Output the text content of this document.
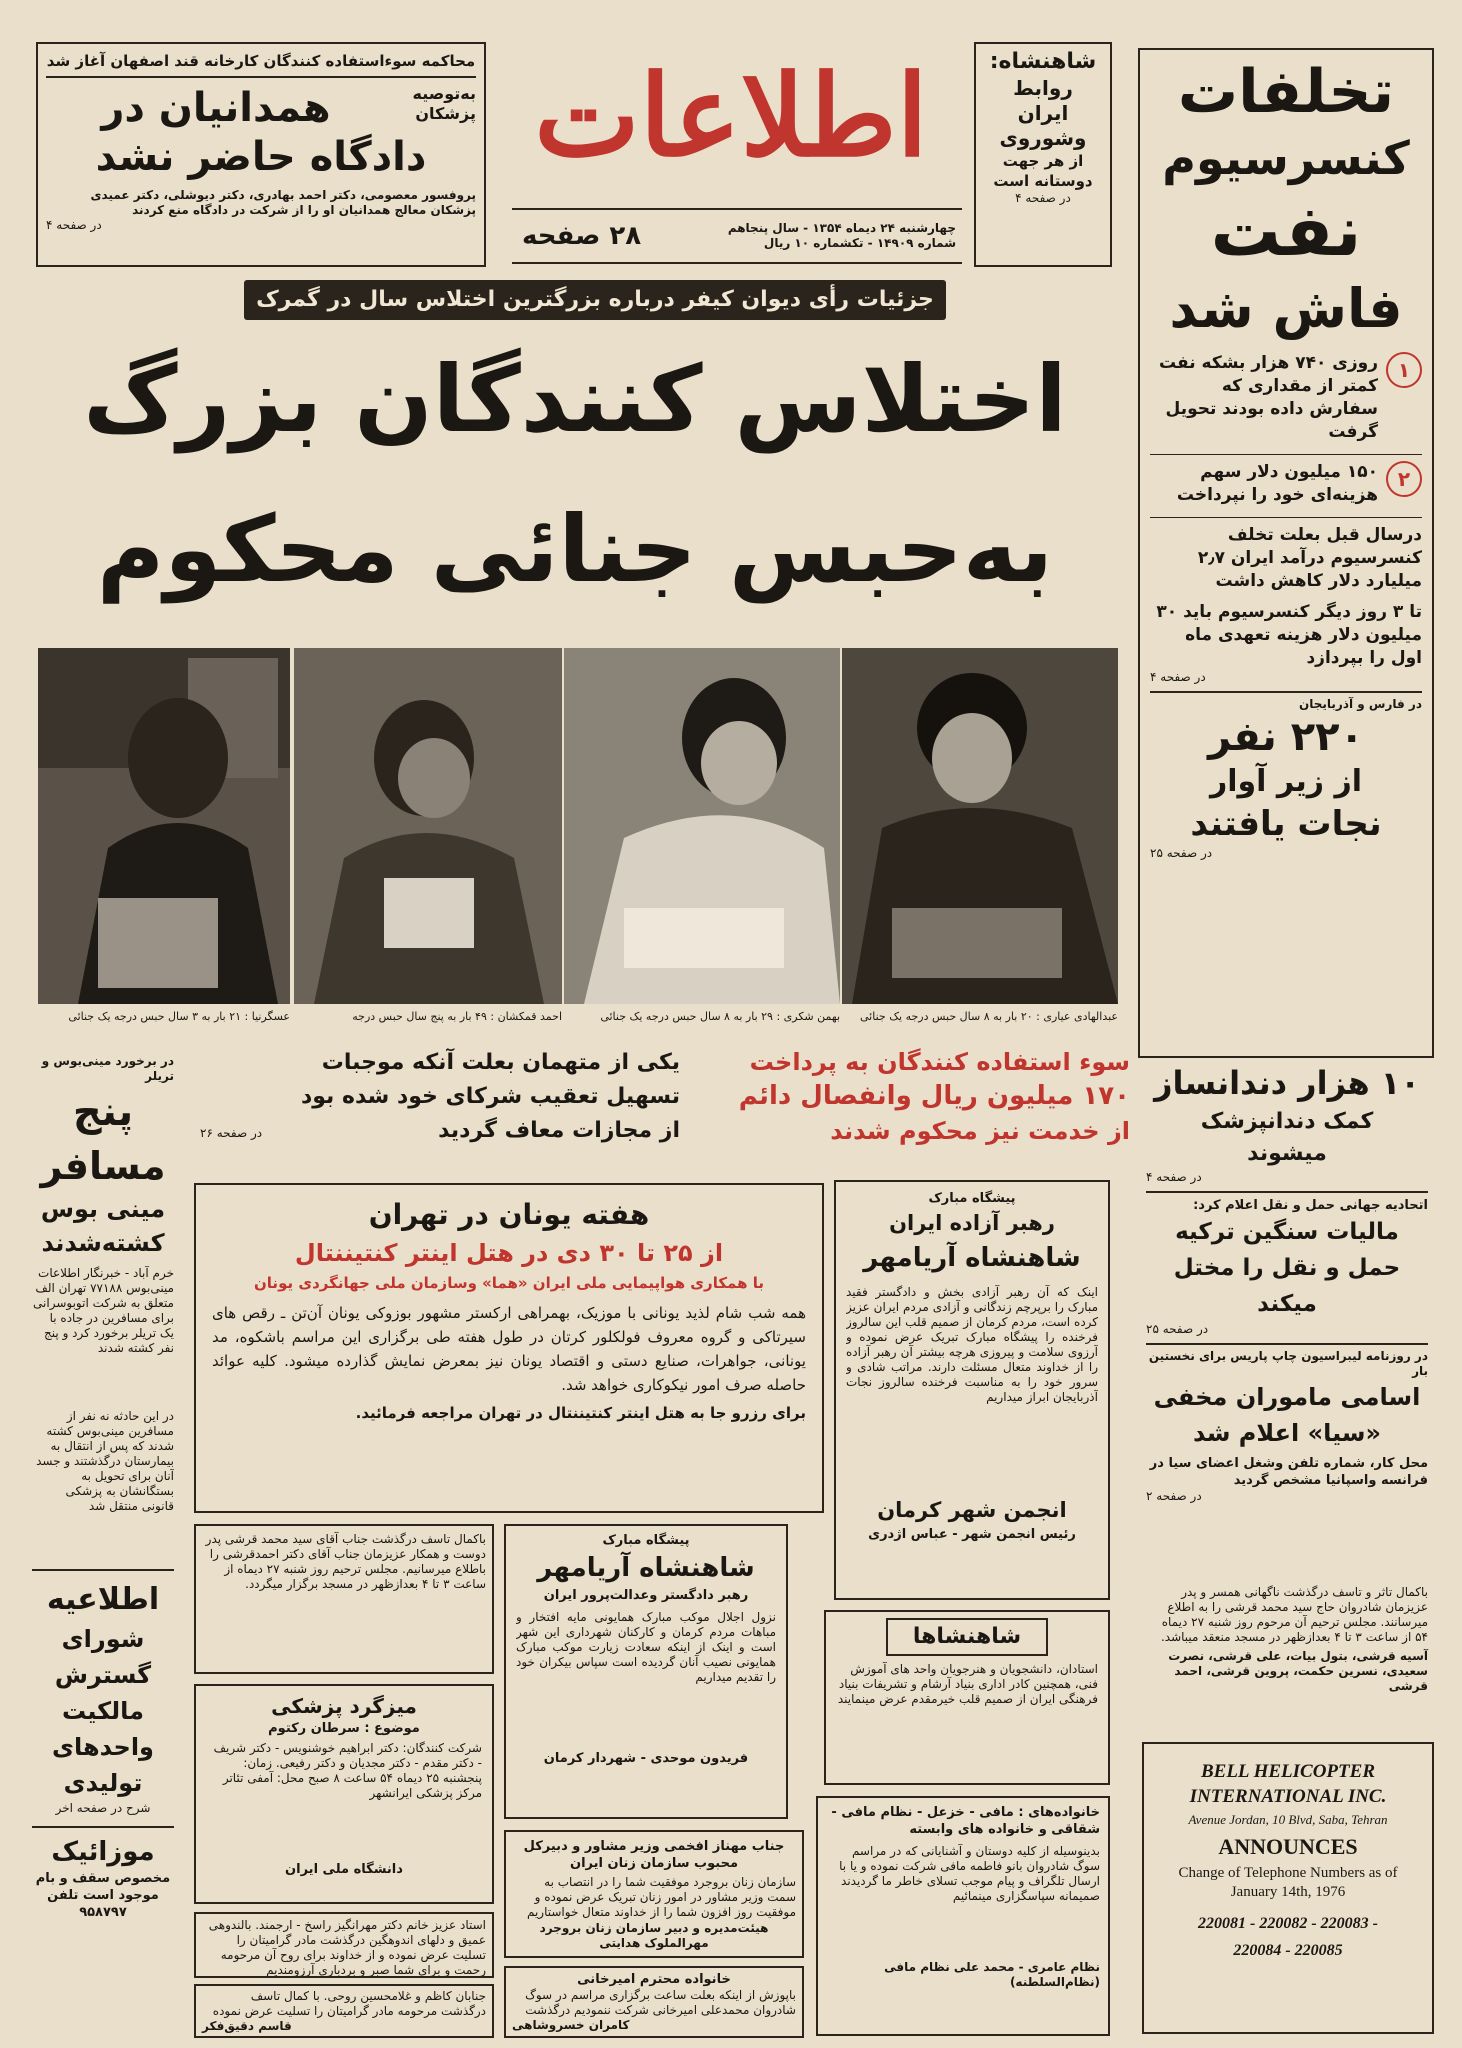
محاکمه سوءاستفاده کنندگان کارخانه قند اصفهان آغاز شد
به‌توصیه پزشکان
همدانیان در
دادگاه حاضر نشد
پروفسور معصومی، دکتر احمد بهادری، دکتر دیوشلی، دکتر عمیدی پزشکان معالج همدانیان او را از شرکت در دادگاه منع کردند
در صفحه ۴
اطلاعات
چهارشنبه ۲۴ دیماه ۱۳۵۴ - سال پنجاهم
شماره ۱۴۹۰۹ - تکشماره ۱۰ ریال
۲۸ صفحه
شاهنشاه:
روابط
ایران
وشوروی
از هر جهت
دوستانه است
در صفحه ۴
تخلفات
کنسرسیوم
نفت
فاش شد
۱
روزی ۷۴۰ هزار بشکه نفت کمتر از مقداری که سفارش داده بودند تحویل گرفت
۲
۱۵۰ میلیون دلار سهم هزینه‌ای خود را نپرداخت
درسال قبل بعلت تخلف کنسرسیوم درآمد ایران ۲٫۷ میلیارد دلار کاهش داشت
تا ۳ روز دیگر کنسرسیوم باید ۳۰ میلیون دلار هزینه تعهدی ماه اول را بپردازد
در صفحه ۴
در فارس و آذربایجان
۲۲۰ نفر
از زیر آوار
نجات یافتند
در صفحه ۲۵
جزئیات رأی دیوان کیفر درباره بزرگترین اختلاس سال در گمرک
اختلاس کنندگان بزرگ
به‌حبس جنائی محکوم
عبدالهادی عیاری : ۲۰ بار به ۸ سال حبس درجه یک جنائی
بهمن شکری : ۲۹ بار به ۸ سال حبس درجه یک جنائی
احمد قمکشان : ۴۹ بار به پنج سال حبس درجه
عسگرنیا : ۲۱ بار به ۳ سال حبس درجه یک جنائی
سوء استفاده کنندگان به پرداخت
۱۷۰ میلیون ریال وانفصال دائم
از خدمت نیز محکوم شدند
یکی از متهمان بعلت آنکه موجبات
تسهیل تعقیب شرکای خود شده بود
از مجازات معاف گردید
در صفحه ۲۶
در برخورد مینی‌بوس و تریلر
پنج
مسافر
مینی بوس
کشته‌شدند
خرم آباد - خبرنگار اطلاعات مینی‌بوس ۷۷۱۸۸ تهران الف متعلق به شرکت اتوبوسرانی برای مسافرین در جاده با یک تریلر برخورد کرد و پنج نفر کشته شدند
در این حادثه نه نفر از مسافرین مینی‌بوس کشته شدند که پس از انتقال به بیمارستان درگذشتند و جسد آنان برای تحویل به بستگانشان به پزشکی قانونی منتقل شد
اطلاعیه
شورای
گسترش
مالکیت
واحدهای
تولیدی
شرح در صفحه اخر
موزائیک
مخصوص سقف و بام
موجود است تلفن ۹۵۸۷۹۷
۱۰ هزار دندانساز
کمک دندانپزشک
میشوند
در صفحه ۴
اتحادیه جهانی حمل و نقل اعلام کرد:
مالیات سنگین ترکیه
حمل و نقل را مختل میکند
در صفحه ۲۵
در روزنامه لیبراسیون چاپ پاریس برای نخستین بار
اسامی ماموران مخفی
«سیا» اعلام شد
محل کار، شماره تلفن وشغل اعضای سیا در فرانسه واسپانیا مشخص گردید
در صفحه ۲
هفته یونان در تهران
از ۲۵ تا ۳۰ دی در هتل اینتر کنتیننتال
با همکاری هواپیمایی ملی ایران «هما» وسازمان ملی جهانگردی یونان
همه شب شام لذید یونانی با موزیک، بهمراهی ارکستر مشهور بوزوکی یونان آن‌تن ـ رقص های سیرتاکی و گروه معروف فولکلور کرتان در طول هفته طی برگزاری این مراسم باشکوه، مد یونانی، جواهرات، صنایع دستی و اقتصاد یونان نیز بمعرض نمایش گذارده میشود. کلیه عوائد حاصله صرف امور نیکوکاری خواهد شد.
برای رزرو جا به هتل اینتر کنتیننتال در تهران مراجعه فرمائید.
پیشگاه مبارک
رهبر آزاده ایران
شاهنشاه آریامهر
اینک که آن رهبر آزادی بخش و دادگستر فقید مبارک را برپرچم زندگانی و آزادی مردم ایران عزیز کرده است، مردم کرمان از صمیم قلب این سالروز فرخنده را پیشگاه مبارک تبریک عرض نموده و آرزوی سلامت و پیروزی هرچه بیشتر آن رهبر آزاده را از خداوند متعال مسئلت دارند. مراتب شادی و سرور خود را به مناسبت فرخنده سالروز نجات آذربایجان ابراز میداریم
انجمن شهر کرمان
رئیس انجمن شهر - عباس اژدری
باکمال تاسف درگذشت جناب آقای سید محمد قرشی پدر دوست و همکار عزیزمان جناب آقای دکتر احمدقرشی را باطلاع میرسانیم. مجلس ترحیم روز شنبه ۲۷ دیماه از ساعت ۳ تا ۴ بعدازظهر در مسجد برگزار میگردد.
پیشگاه مبارک
شاهنشاه آریامهر
رهبر دادگستر وعدالت‌پرور ایران
نزول اجلال موکب مبارک همایونی مایه افتخار و مباهات مردم کرمان و کارکنان شهرداری این شهر است و اینک از اینکه سعادت زیارت موکب مبارک همایونی نصیب آنان گردیده است سپاس بیکران خود را تقدیم میداریم
فریدون موحدی - شهردار کرمان
میزگرد پزشکی
موضوع : سرطان رکتوم
شرکت کنندگان: دکتر ابراهیم خوشنویس - دکتر شریف - دکتر مقدم - دکتر مجدیان و دکتر رفیعی. زمان: پنجشنبه ۲۵ دیماه ۵۴ ساعت ۸ صبح محل: آمفی تئاتر مرکز پزشکی ایرانشهر
دانشگاه ملی ایران
شاهنشاها
استادان، دانشجویان و هنرجویان واحد های آموزش فنی، همچنین کادر اداری بنیاد آرشام و تشریفات بنیاد فرهنگی ایران از صمیم قلب خیرمقدم عرض مینمایند
باکمال تاثر و تاسف درگذشت ناگهانی همسر و پدر عزیزمان شادروان حاج سید محمد قرشی را به اطلاع میرسانند. مجلس ترحیم آن مرحوم روز شنبه ۲۷ دیماه ۵۴ از ساعت ۳ تا ۴ بعدازظهر در مسجد منعقد میباشد.
آسیه قرشی، بتول بیات، علی قرشی، نصرت سعیدی، نسرین حکمت، پروین قرشی، احمد قرشی
جناب مهناز افخمی وزیر مشاور و دبیرکل محبوب سازمان زنان ایران
سازمان زنان بروجرد موفقیت شما را در انتصاب به سمت وزیر مشاور در امور زنان تبریک عرض نموده و موفقیت روز افزون شما را از خداوند متعال خواستاریم
هیئت‌مدیره و دبیر سازمان زنان بروجرد مهرالملوک هدایتی
استاد عزیز خانم دکتر مهرانگیز راسخ - ارجمند. بالندوهی عمیق و دلهای اندوهگین درگذشت مادر گرامیتان را تسلیت عرض نموده و از خداوند برای روح آن مرحومه رحمت و برای شما صبر و بردباری آرزومندیم
جنابان کاظم و غلامحسین روحی. با کمال تاسف درگذشت مرحومه مادر گرامیتان را تسلیت عرض نموده
قاسم دقیق‌فکر
خانواده محترم امیرخانی
باپوزش از اینکه بعلت ساعت برگزاری مراسم در سوگ شادروان محمدعلی امیرخانی شرکت ننمودیم درگذشت
کامران خسروشاهی
خانواده‌های : مافی - خزعل - نظام مافی - شقاقی و خانواده های وابسته
بدینوسیله از کلیه دوستان و آشنایانی که در مراسم سوگ شادروان بانو فاطمه مافی شرکت نموده و یا با ارسال تلگراف و پیام موجب تسلای خاطر ما گردیدند صمیمانه سپاسگزاری مینمائیم
نظام عامری - محمد علی نظام مافی (نظام‌السلطنه)
BELL HELICOPTER
INTERNATIONAL INC.
Avenue Jordan, 10 Blvd, Saba, Tehran
ANNOUNCES
Change of Telephone Numbers as of January 14th, 1976
220081 - 220082 - 220083 -
220084 - 220085
